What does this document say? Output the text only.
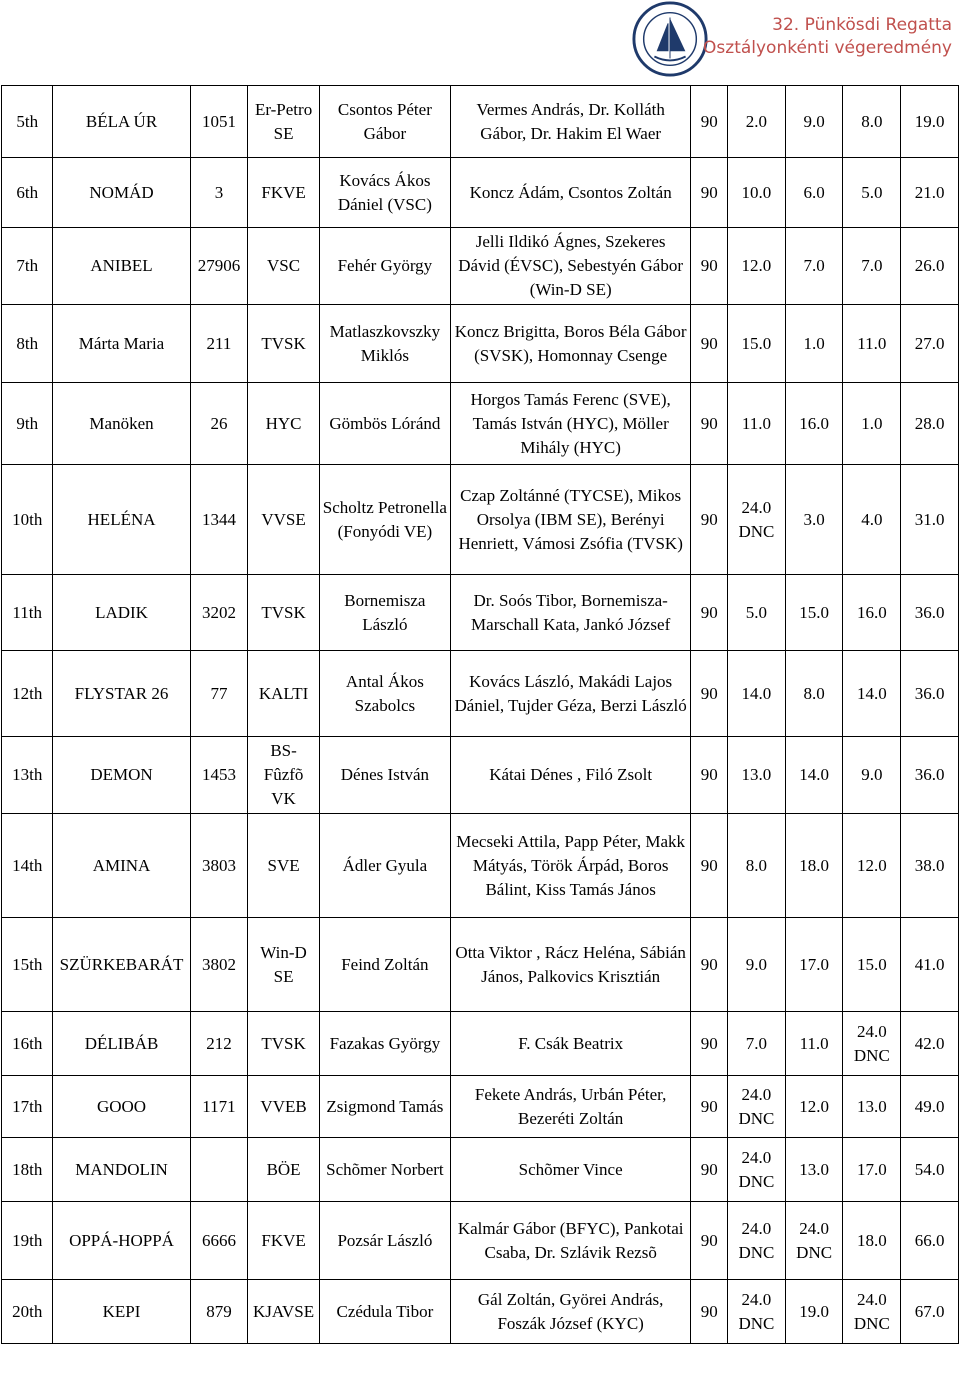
32. Pünkösdi Regatta
Osztályonkénti végeredmény
5th	BÉLA ÚR	1051	Er-Petro SE	Csontos Péter Gábor	Vermes András, Dr. Kolláth Gábor, Dr. Hakim El Waer	90	2.0	9.0	8.0	19.0
6th	NOMÁD	3	FKVE	Kovács Ákos Dániel (VSC)	Koncz Ádám, Csontos Zoltán	90	10.0	6.0	5.0	21.0
7th	ANIBEL	27906	VSC	Fehér György	Jelli Ildikó Ágnes, Szekeres Dávid (ÉVSC), Sebestyén Gábor (Win-D SE)	90	12.0	7.0	7.0	26.0
8th	Márta Maria	211	TVSK	Matlaszkovszky Miklós	Koncz Brigitta, Boros Béla Gábor (SVSK), Homonnay Csenge	90	15.0	1.0	11.0	27.0
9th	Manöken	26	HYC	Gömbös Lóránd	Horgos Tamás Ferenc (SVE), Tamás István (HYC), Möller Mihály (HYC)	90	11.0	16.0	1.0	28.0
10th	HELÉNA	1344	VVSE	Scholtz Petronella (Fonyódi VE)	Czap Zoltánné (TYCSE), Mikos Orsolya (IBM SE), Berényi Henriett, Vámosi Zsófia (TVSK)	90	24.0 DNC	3.0	4.0	31.0
11th	LADIK	3202	TVSK	Bornemisza László	Dr. Soós Tibor, Bornemisza-Marschall Kata, Jankó József	90	5.0	15.0	16.0	36.0
12th	FLYSTAR 26	77	KALTI	Antal Ákos Szabolcs	Kovács László, Makádi Lajos Dániel, Tujder Géza, Berzi László	90	14.0	8.0	14.0	36.0
13th	DEMON	1453	BS-Fûzfõ VK	Dénes István	Kátai Dénes , Filó Zsolt	90	13.0	14.0	9.0	36.0
14th	AMINA	3803	SVE	Ádler Gyula	Mecseki Attila, Papp Péter, Makk Mátyás, Török Árpád, Boros Bálint, Kiss Tamás János	90	8.0	18.0	12.0	38.0
15th	SZÜRKEBARÁT	3802	Win-D SE	Feind Zoltán	Otta Viktor , Rácz Heléna, Sábián János, Palkovics Krisztián	90	9.0	17.0	15.0	41.0
16th	DÉLIBÁB	212	TVSK	Fazakas György	F. Csák Beatrix	90	7.0	11.0	24.0 DNC	42.0
17th	GOOO	1171	VVEB	Zsigmond Tamás	Fekete András, Urbán Péter, Bezeréti Zoltán	90	24.0 DNC	12.0	13.0	49.0
18th	MANDOLIN		BÖE	Schõmer Norbert	Schõmer Vince	90	24.0 DNC	13.0	17.0	54.0
19th	OPPÁ-HOPPÁ	6666	FKVE	Pozsár László	Kalmár Gábor (BFYC), Pankotai Csaba, Dr. Szlávik Rezsõ	90	24.0 DNC	24.0 DNC	18.0	66.0
20th	KEPI	879	KJAVSE	Czédula Tibor	Gál Zoltán, Györei András, Foszák József (KYC)	90	24.0 DNC	19.0	24.0 DNC	67.0
